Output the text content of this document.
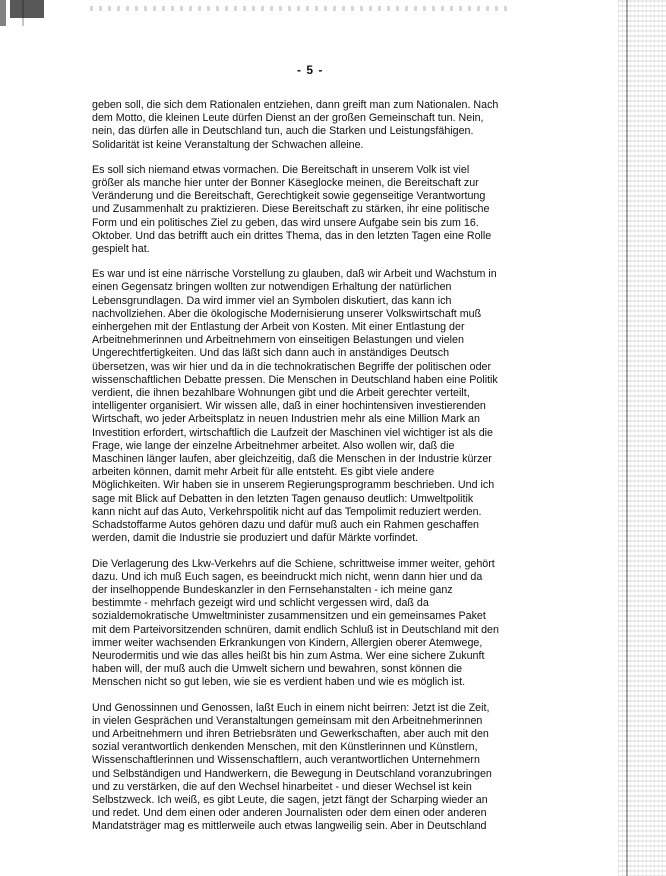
- 5 -
geben soll, die sich dem Rationalen entziehen, dann greift man zum Nationalen. Nach
dem Motto, die kleinen Leute dürfen Dienst an der großen Gemeinschaft tun. Nein,
nein, das dürfen alle in Deutschland tun, auch die Starken und Leistungsfähigen.
Solidarität ist keine Veranstaltung der Schwachen alleine.
Es soll sich niemand etwas vormachen. Die Bereitschaft in unserem Volk ist viel
größer als manche hier unter der Bonner Käseglocke meinen, die Bereitschaft zur
Veränderung und die Bereitschaft, Gerechtigkeit sowie gegenseitige Verantwortung
und Zusammenhalt zu praktizieren. Diese Bereitschaft zu stärken, ihr eine politische
Form und ein politisches Ziel zu geben, das wird unsere Aufgabe sein bis zum 16.
Oktober. Und das betrifft auch ein drittes Thema, das in den letzten Tagen eine Rolle
gespielt hat.
Es war und ist eine närrische Vorstellung zu glauben, daß wir Arbeit und Wachstum in
einen Gegensatz bringen wollten zur notwendigen Erhaltung der natürlichen
Lebensgrundlagen. Da wird immer viel an Symbolen diskutiert, das kann ich
nachvollziehen. Aber die ökologische Modernisierung unserer Volkswirtschaft muß
einhergehen mit der Entlastung der Arbeit von Kosten. Mit einer Entlastung der
Arbeitnehmerinnen und Arbeitnehmern von einseitigen Belastungen und vielen
Ungerechtfertigkeiten. Und das läßt sich dann auch in anständiges Deutsch
übersetzen, was wir hier und da in die technokratischen Begriffe der politischen oder
wissenschaftlichen Debatte pressen. Die Menschen in Deutschland haben eine Politik
verdient, die ihnen bezahlbare Wohnungen gibt und die Arbeit gerechter verteilt,
intelligenter organisiert. Wir wissen alle, daß in einer hochintensiven investierenden
Wirtschaft, wo jeder Arbeitsplatz in neuen Industrien mehr als eine Million Mark an
Investition erfordert, wirtschaftlich die Laufzeit der Maschinen viel wichtiger ist als die
Frage, wie lange der einzelne Arbeitnehmer arbeitet. Also wollen wir, daß die
Maschinen länger laufen, aber gleichzeitig, daß die Menschen in der Industrie kürzer
arbeiten können, damit mehr Arbeit für alle entsteht. Es gibt viele andere
Möglichkeiten. Wir haben sie in unserem Regierungsprogramm beschrieben. Und ich
sage mit Blick auf Debatten in den letzten Tagen genauso deutlich: Umweltpolitik
kann nicht auf das Auto, Verkehrspolitik nicht auf das Tempolimit reduziert werden.
Schadstoffarme Autos gehören dazu und dafür muß auch ein Rahmen geschaffen
werden, damit die Industrie sie produziert und dafür Märkte vorfindet.
Die Verlagerung des Lkw-Verkehrs auf die Schiene, schrittweise immer weiter, gehört
dazu. Und ich muß Euch sagen, es beeindruckt mich nicht, wenn dann hier und da
der inselhoppende Bundeskanzler in den Fernsehanstalten - ich meine ganz
bestimmte - mehrfach gezeigt wird und schlicht vergessen wird, daß da
sozialdemokratische Umweltminister zusammensitzen und ein gemeinsames Paket
mit dem Parteivorsitzenden schnüren, damit endlich Schluß ist in Deutschland mit den
immer weiter wachsenden Erkrankungen von Kindern, Allergien oberer Atemwege,
Neurodermitis und wie das alles heißt bis hin zum Astma. Wer eine sichere Zukunft
haben will, der muß auch die Umwelt sichern und bewahren, sonst können die
Menschen nicht so gut leben, wie sie es verdient haben und wie es möglich ist.
Und Genossinnen und Genossen, laßt Euch in einem nicht beirren: Jetzt ist die Zeit,
in vielen Gesprächen und Veranstaltungen gemeinsam mit den Arbeitnehmerinnen
und Arbeitnehmern und ihren Betriebsräten und Gewerkschaften, aber auch mit den
sozial verantwortlich denkenden Menschen, mit den Künstlerinnen und Künstlern,
Wissenschaftlerinnen und Wissenschaftlern, auch verantwortlichen Unternehmern
und Selbständigen und Handwerkern, die Bewegung in Deutschland voranzubringen
und zu verstärken, die auf den Wechsel hinarbeitet - und dieser Wechsel ist kein
Selbstzweck. Ich weiß, es gibt Leute, die sagen, jetzt fängt der Scharping wieder an
und redet. Und dem einen oder anderen Journalisten oder dem einen oder anderen
Mandatsträger mag es mittlerweile auch etwas langweilig sein. Aber in Deutschland
